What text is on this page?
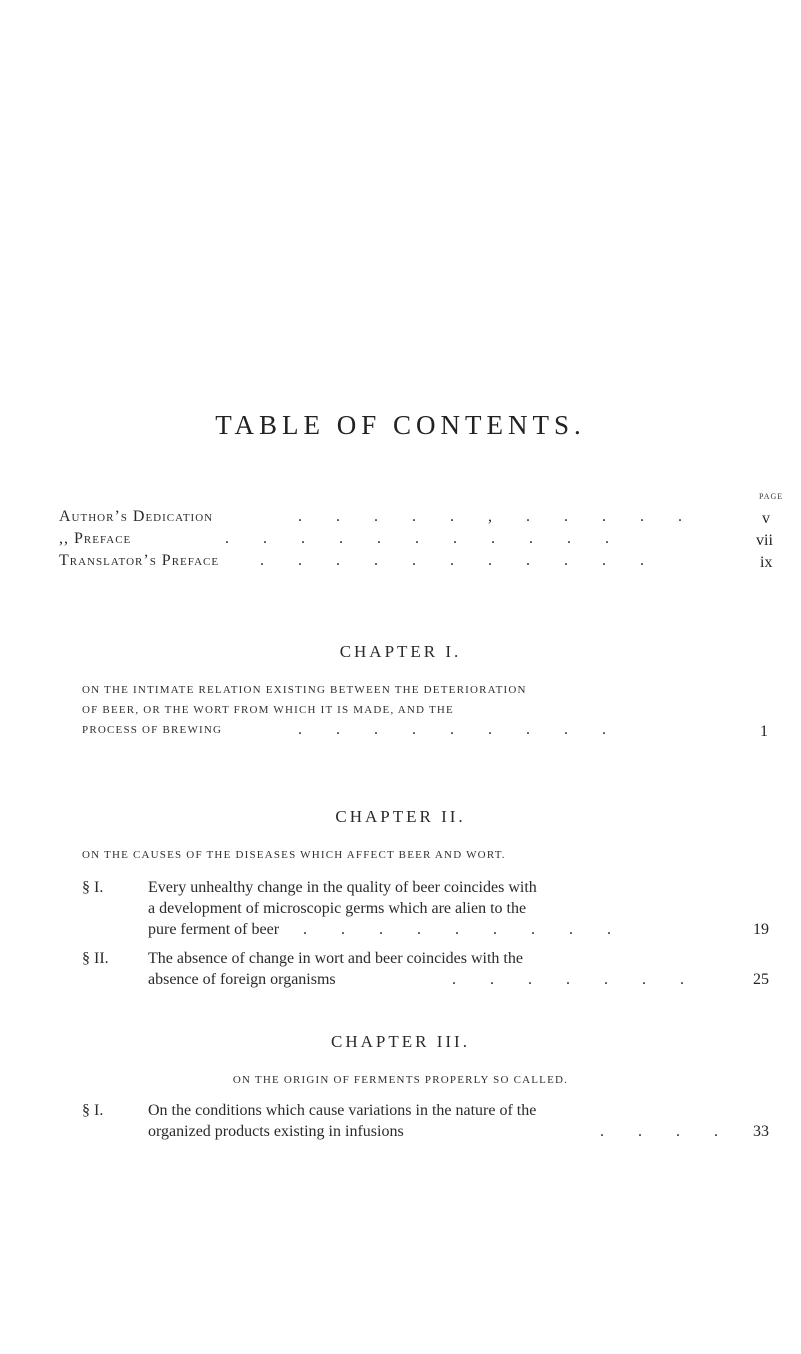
TABLE OF CONTENTS.
PAGE
Author’s Dedication	. . . . . , . . . . .	v
,, Preface	. . . . . . . . . . .	vii
Translator’s Preface	. . . . . . . . . . .	ix
CHAPTER I.
ON THE INTIMATE RELATION EXISTING BETWEEN THE DETERIORATION
OF BEER, OR THE WORT FROM WHICH IT IS MADE, AND THE
PROCESS OF BREWING	. . . . . . . . .	1
CHAPTER II.
ON THE CAUSES OF THE DISEASES WHICH AFFECT BEER AND WORT.
§ I.	Every unhealthy change in the quality of beer coincides with
a development of microscopic germs which are alien to the
pure ferment of beer . . . . . . . . .	19
§ II. The absence of change in wort and beer coincides with the
absence of foreign organisms	. . . . . . .	25
CHAPTER III.
ON THE ORIGIN OF FERMENTS PROPERLY SO CALLED.
§ I.	On the conditions which cause variations in the nature of the
organized products existing in infusions	. . . . 33
